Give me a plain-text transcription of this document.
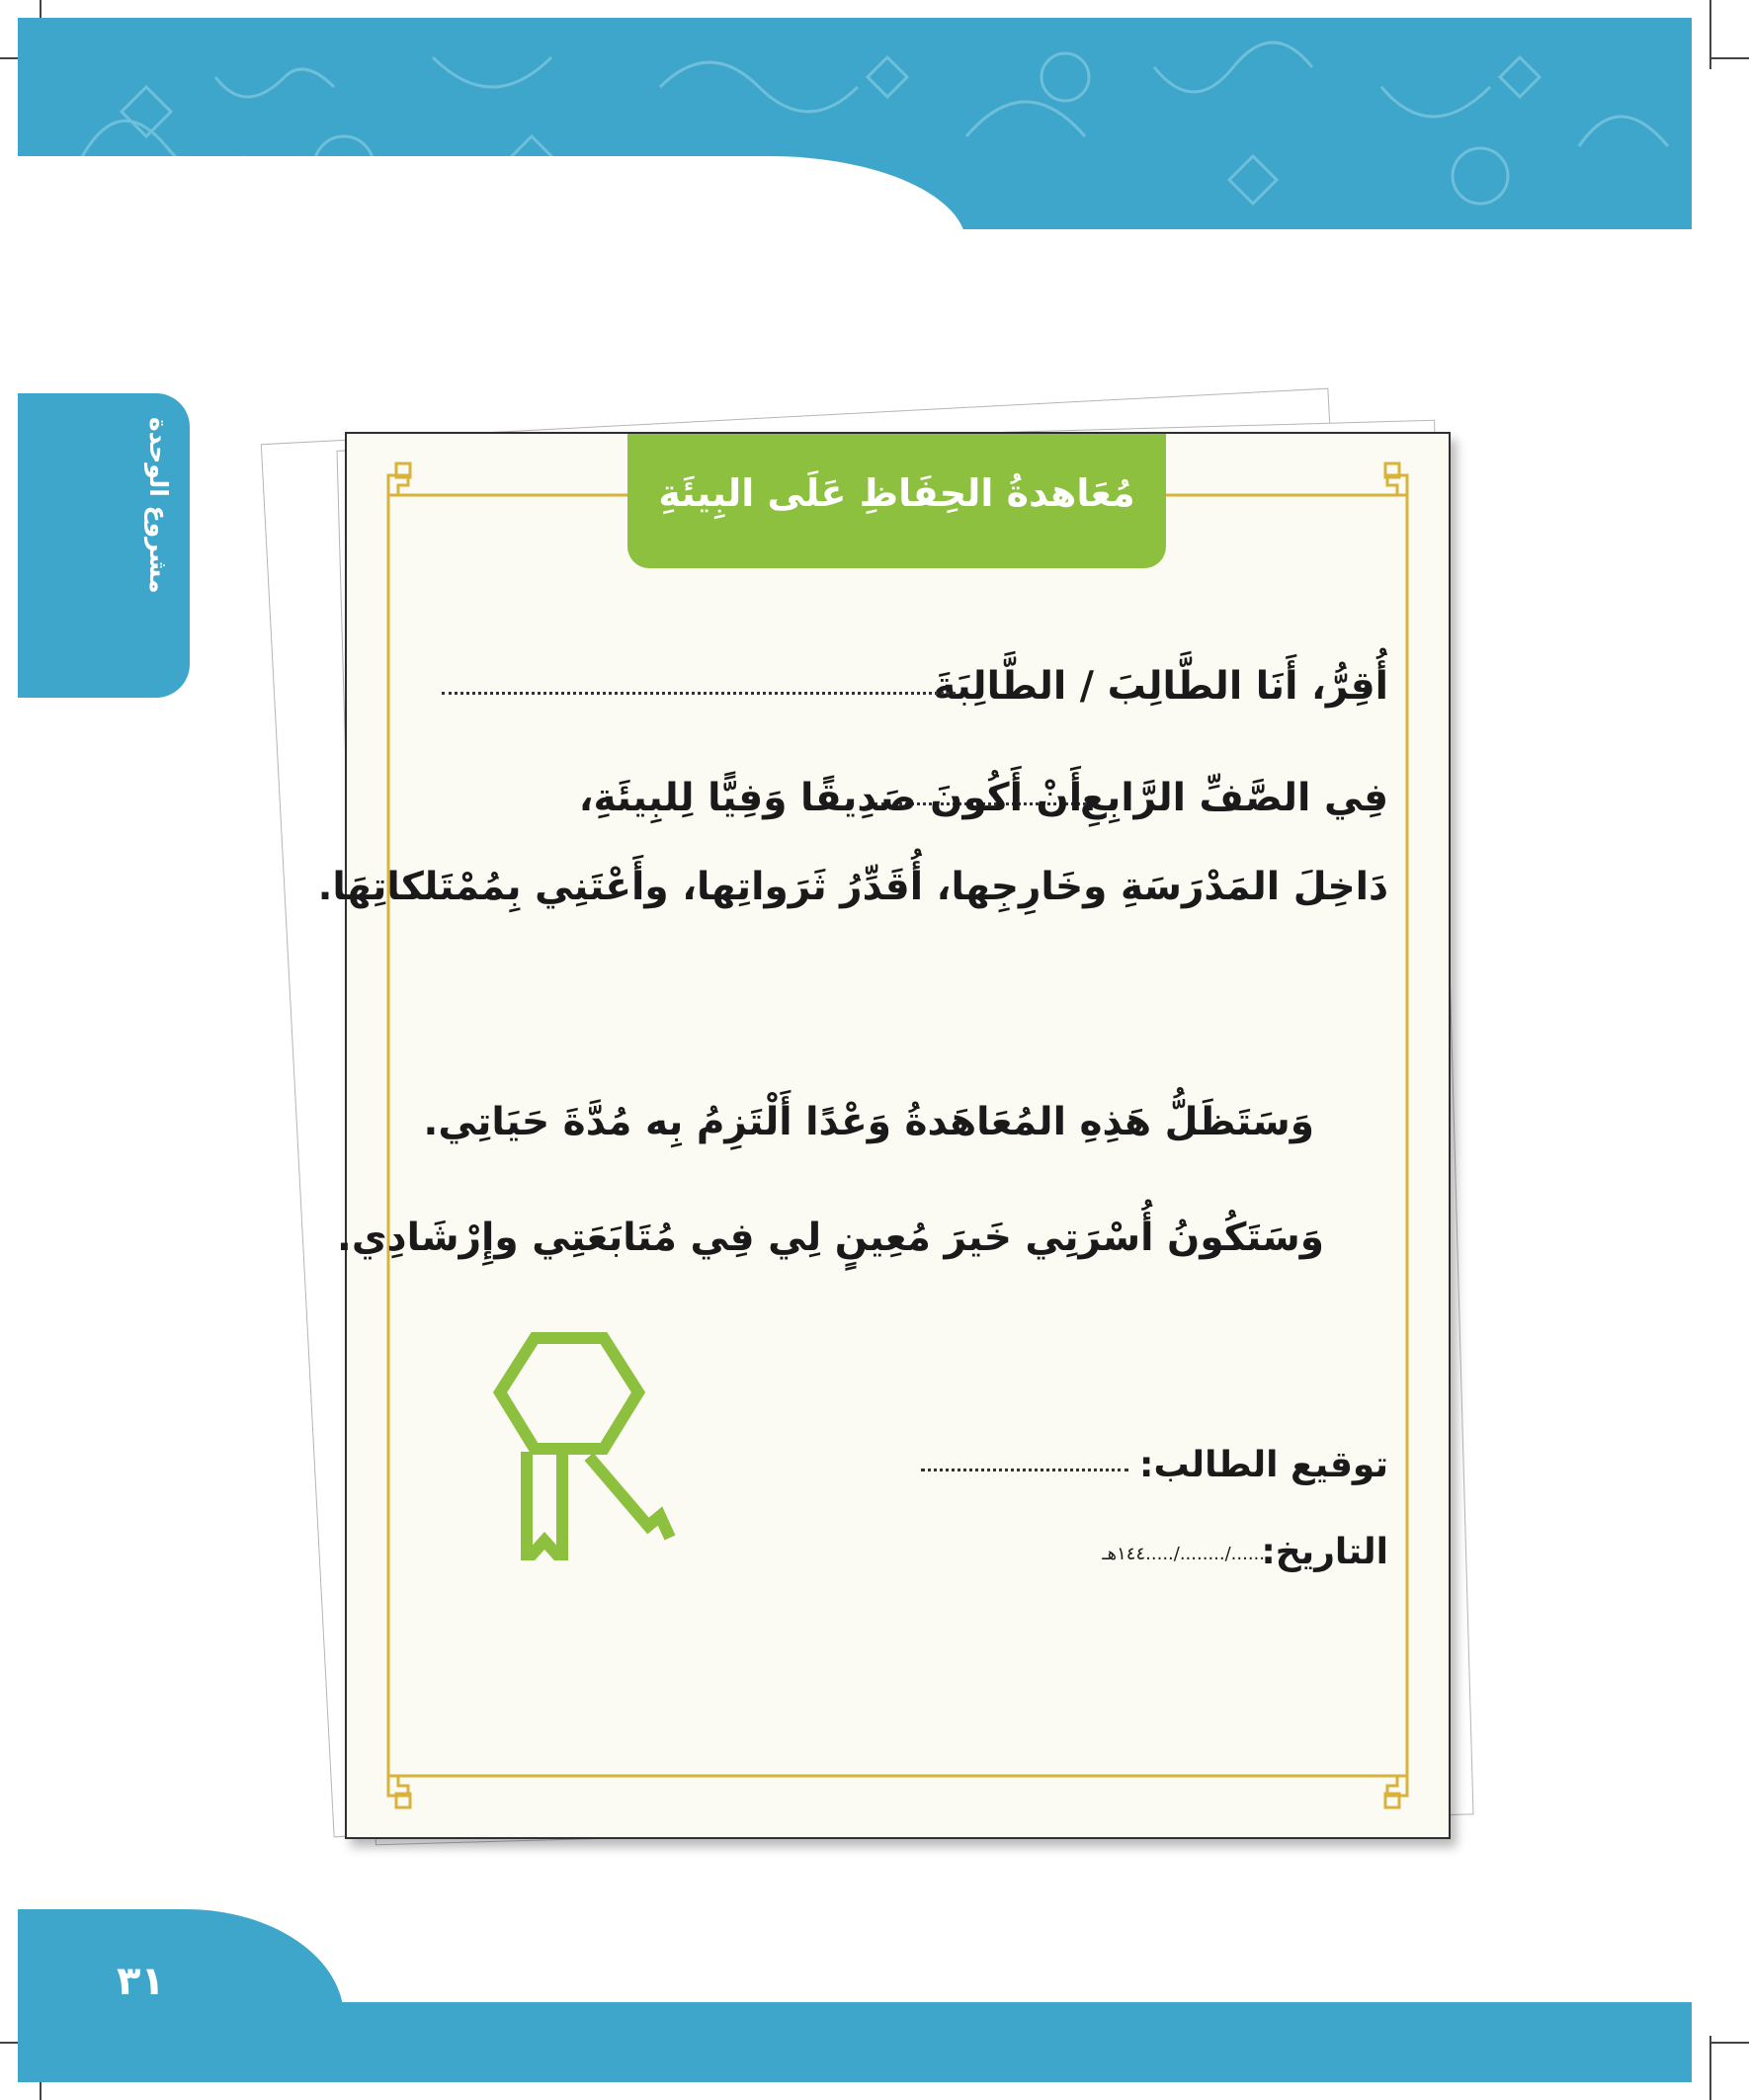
مشروع الوحدة	مُعَاهدةُ الحِفَاظِ عَلَى البِيئَةِ
أُقِرُّ، أَنَا الطَّالِبَ / الطَّالِبَةَ
فِي الصَّفِّ الرَّابِعِ
،أَنْ أَكُونَ صَدِيقًا وَفِيًّا لِلبِيئَةِ،
دَاخِلَ المَدْرَسَةِ وخَارِجِها، أُقَدِّرُ ثَرَواتِها، وأَعْتَنِي بِمُمْتَلكاتِهَا.
وَسَتَظَلُّ هَذِهِ المُعَاهَدةُ وَعْدًا أَلْتَزِمُ بِه مُدَّةَ حَيَاتِي.
وَسَتَكُونُ أُسْرَتِي خَيرَ مُعِينٍ لِي فِي مُتَابَعَتِي وإِرْشَادِي.
توقيع الطالب:
التاريخ:
....../......../.....١٤٤هـ
٣١
